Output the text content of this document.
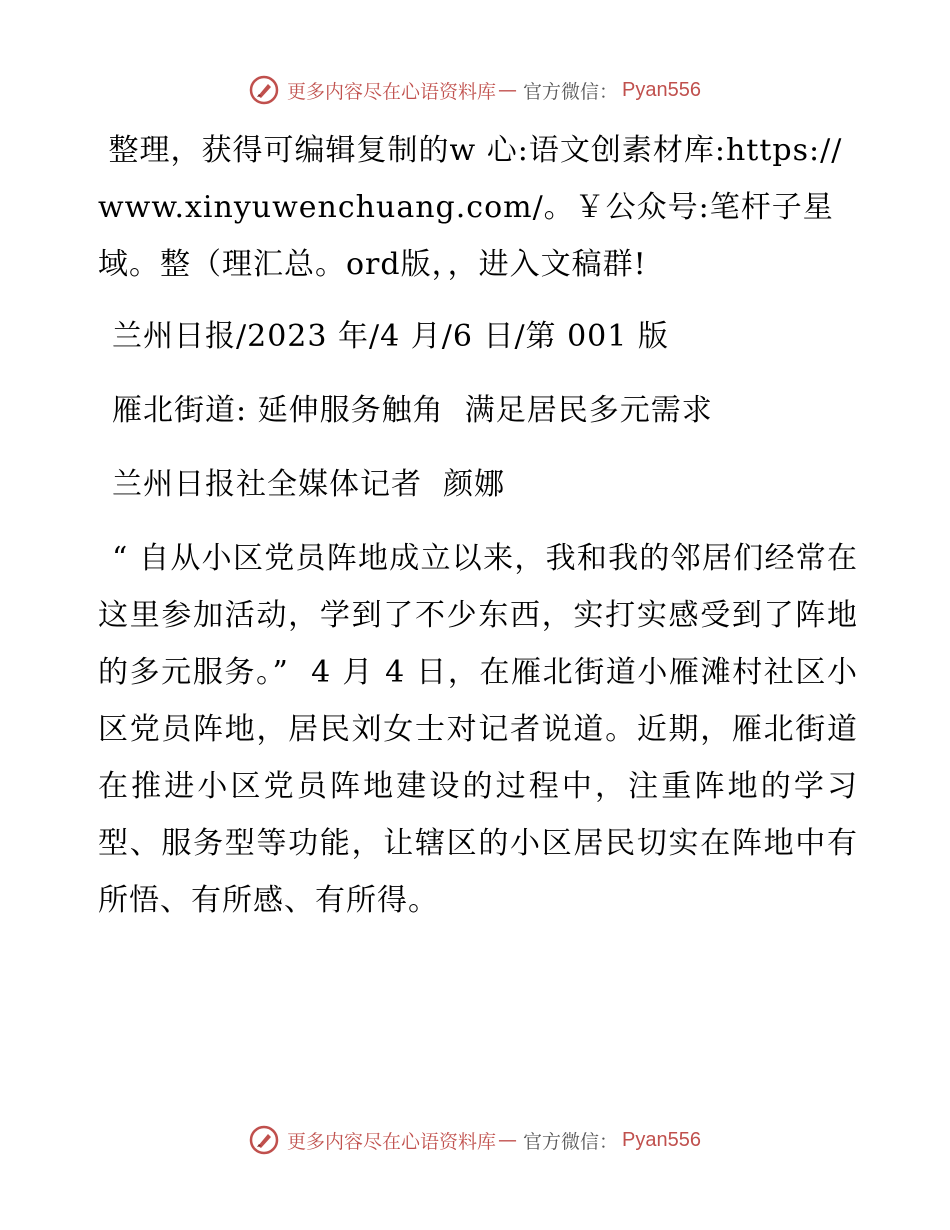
更多内容尽在心语资料库 — 官方微信： Pyan556

整理，获得可编辑复制的w 心:语文创素材库:https://www.xinyuwenchuang.com/。￥公众号:笔杆子星域。整（理汇总。ord版，，进入文稿群!

兰州日报/2023 年/4 月/6 日/第 001 版

雁北街道: 延伸服务触角  满足居民多元需求

兰州日报社全媒体记者  颜娜

“ 自从小区党员阵地成立以来，我和我的邻居们经常在这里参加活动，学到了不少东西，实打实感受到了阵地的多元服务。”  4 月 4 日，在雁北街道小雁滩村社区小区党员阵地，居民刘女士对记者说道。近期，雁北街道在推进小区党员阵地建设的过程中，注重阵地的学习型、服务型等功能，让辖区的小区居民切实在阵地中有所悟、有所感、有所得。

更多内容尽在心语资料库 — 官方微信： Pyan556
